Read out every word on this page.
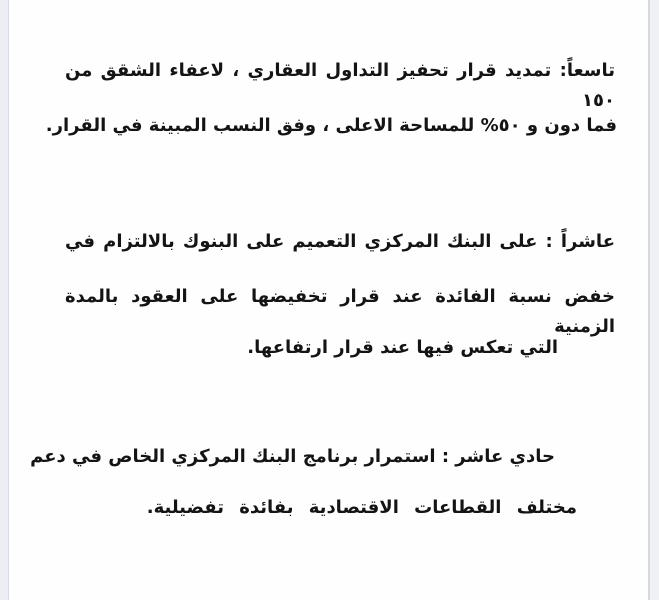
تاسعاً: تمديد قرار تحفيز التداول العقاري ، لاعفاء الشقق من ١٥٠
فما دون و ٥٠% للمساحة الاعلى ، وفق النسب المبينة في القرار.
عاشراً : على البنك المركزي التعميم على البنوك بالالتزام في
خفض نسبة الفائدة عند قرار تخفيضها على العقود بالمدة الزمنية
التي تعكس فيها عند قرار ارتفاعها.
حادي عاشر : استمرار برنامج البنك المركزي الخاص في دعم
مختلف القطاعات الاقتصادية بفائدة تفضيلية.
